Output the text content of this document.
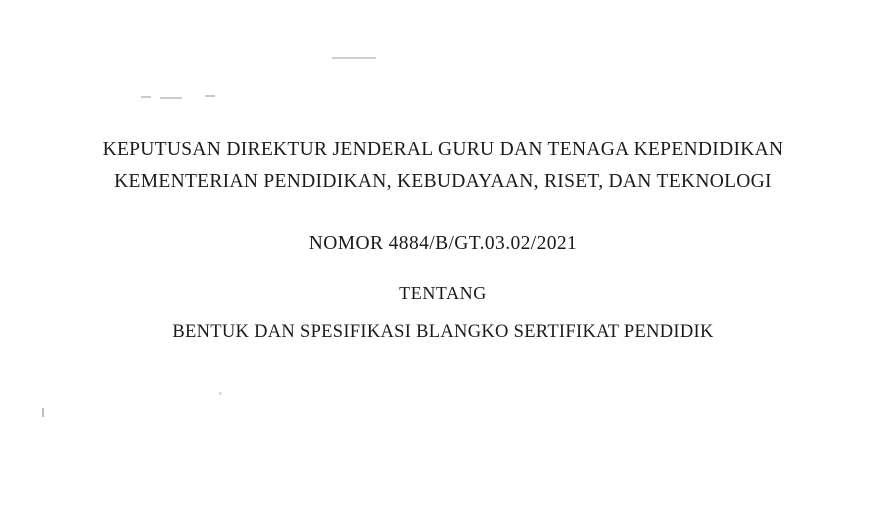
KEPUTUSAN DIREKTUR JENDERAL GURU DAN TENAGA KEPENDIDIKAN
KEMENTERIAN PENDIDIKAN, KEBUDAYAAN, RISET, DAN TEKNOLOGI
NOMOR 4884/B/GT.03.02/2021
TENTANG
BENTUK DAN SPESIFIKASI BLANGKO SERTIFIKAT PENDIDIK
